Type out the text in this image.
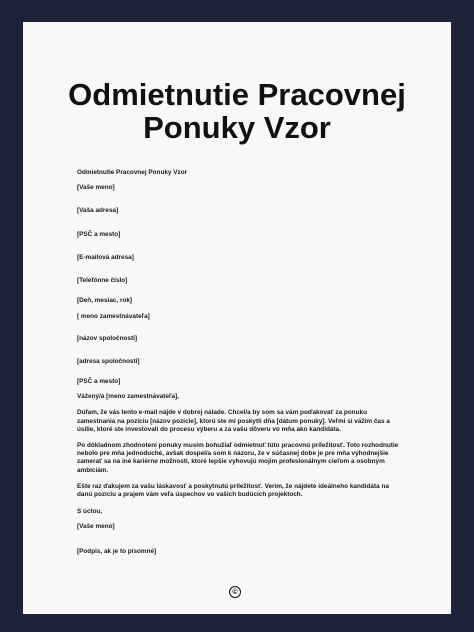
Odmietnutie Pracovnej
Ponuky Vzor

Odmietnutie Pracovnej Ponuky Vzor

[Vaše meno]

[Vaša adresa]

[PSČ a mesto]

[E-mailová adresa]

[Telefónne číslo]

[Deň, mesiac, rok]

[ meno zamestnávateľa]

[názov spoločnosti]

[adresa spoločnosti]

[PSČ a mesto]

Vážený/á [meno zamestnávateľa],

Dúfam, že vás tento e-mail nájde v dobrej nálade. Chcel/a by som sa vám poďakovať za ponuku zamestnania na pozíciu [názov pozície], ktorú ste mi poskytli dňa [dátum ponuky]. Veľmi si vážim čas a úsilie, ktoré ste investovali do procesu výberu a za vašu dôveru vo mňa ako kandidáta.

Po dôkladnom zhodnotení ponuky musím bohužiaľ odmietnuť túto pracovnú príležitosť. Toto rozhodnutie nebolo pre mňa jednoduché, avšak dospel/a som k názoru, že v súčasnej dobe je pre mňa výhodnejšie zamerať sa na iné kariérne možnosti, ktoré lepšie vyhovujú mojim profesionálnym cieľom a osobným ambíciám.

Ešte raz ďakujem za vašu láskavosť a poskytnutú príležitosť. Verím, že nájdete ideálneho kandidáta na danú pozíciu a prajem vám veľa úspechov vo vašich budúcich projektoch.

S úctou,

[Vaše meno]

[Podpis, ak je to písomné]

©
